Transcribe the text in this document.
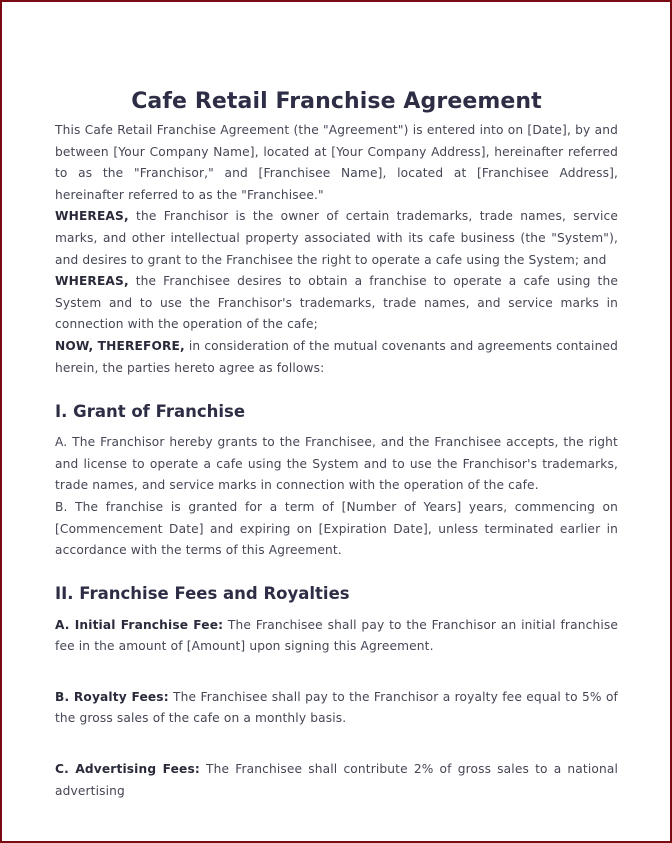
Cafe Retail Franchise Agreement

This Cafe Retail Franchise Agreement (the "Agreement") is entered into on [Date], by and between [Your Company Name], located at [Your Company Address], hereinafter referred to as the "Franchisor," and [Franchisee Name], located at [Franchisee Address], hereinafter referred to as the "Franchisee."

WHEREAS, the Franchisor is the owner of certain trademarks, trade names, service marks, and other intellectual property associated with its cafe business (the "System"), and desires to grant to the Franchisee the right to operate a cafe using the System; and

WHEREAS, the Franchisee desires to obtain a franchise to operate a cafe using the System and to use the Franchisor's trademarks, trade names, and service marks in connection with the operation of the cafe;

NOW, THEREFORE, in consideration of the mutual covenants and agreements contained herein, the parties hereto agree as follows:

I. Grant of Franchise

A. The Franchisor hereby grants to the Franchisee, and the Franchisee accepts, the right and license to operate a cafe using the System and to use the Franchisor's trademarks, trade names, and service marks in connection with the operation of the cafe.

B. The franchise is granted for a term of [Number of Years] years, commencing on [Commencement Date] and expiring on [Expiration Date], unless terminated earlier in accordance with the terms of this Agreement.

II. Franchise Fees and Royalties

A. Initial Franchise Fee: The Franchisee shall pay to the Franchisor an initial franchise fee in the amount of [Amount] upon signing this Agreement.

B. Royalty Fees: The Franchisee shall pay to the Franchisor a royalty fee equal to 5% of the gross sales of the cafe on a monthly basis.

C. Advertising Fees: The Franchisee shall contribute 2% of gross sales to a national advertising
